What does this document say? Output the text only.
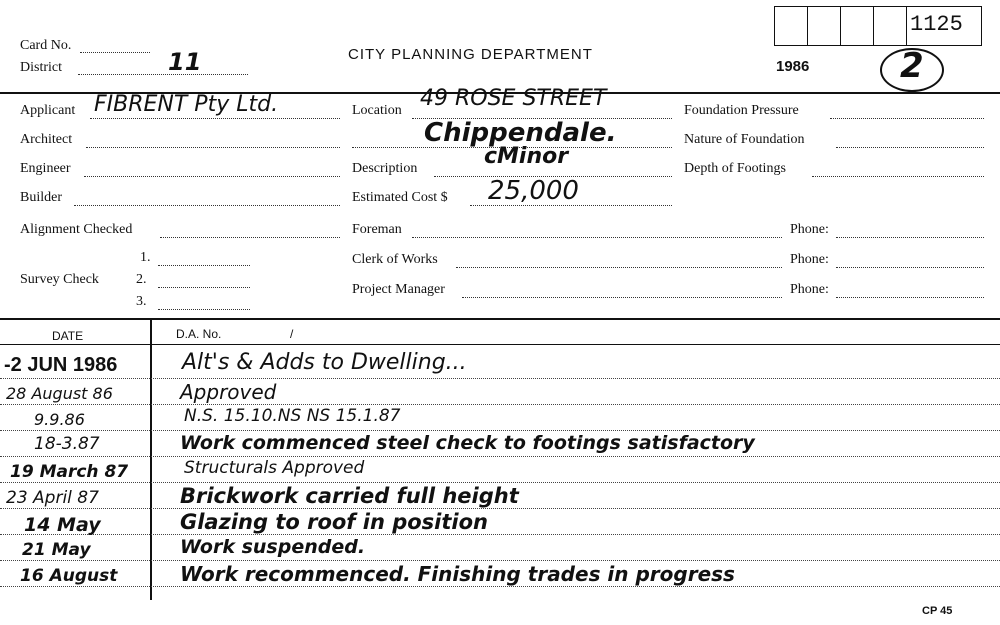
1125
Card No.
District	11	CITY PLANNING DEPARTMENT
1986	2
Applicant FIBRENT Pty Ltd.
Architect
Engineer
Builder
Alignment Checked
Survey Check
1.
2.
3.
Location 49 ROSE STREET
Chippendale.
Description	cMinor
Estimated Cost $ 25,000
Foreman
Clerk of Works
Project Manager
Foundation Pressure
Nature of Foundation
Depth of Footings
Phone:
Phone:
Phone:
DATE	D.A. No.	/
-2 JUN 1986	Alt's & Adds to Dwelling...
28 August 86	Approved
9.9.86	N.S. 15.10.NS NS 15.1.87
18-3.87	Work commenced steel check to footings satisfactory
19 March 87	Structurals Approved
23 April 87	Brickwork carried full height
14 May	Glazing to roof in position
21 May	Work suspended.
16 August	Work recommenced. Finishing trades in progress
CP 45
